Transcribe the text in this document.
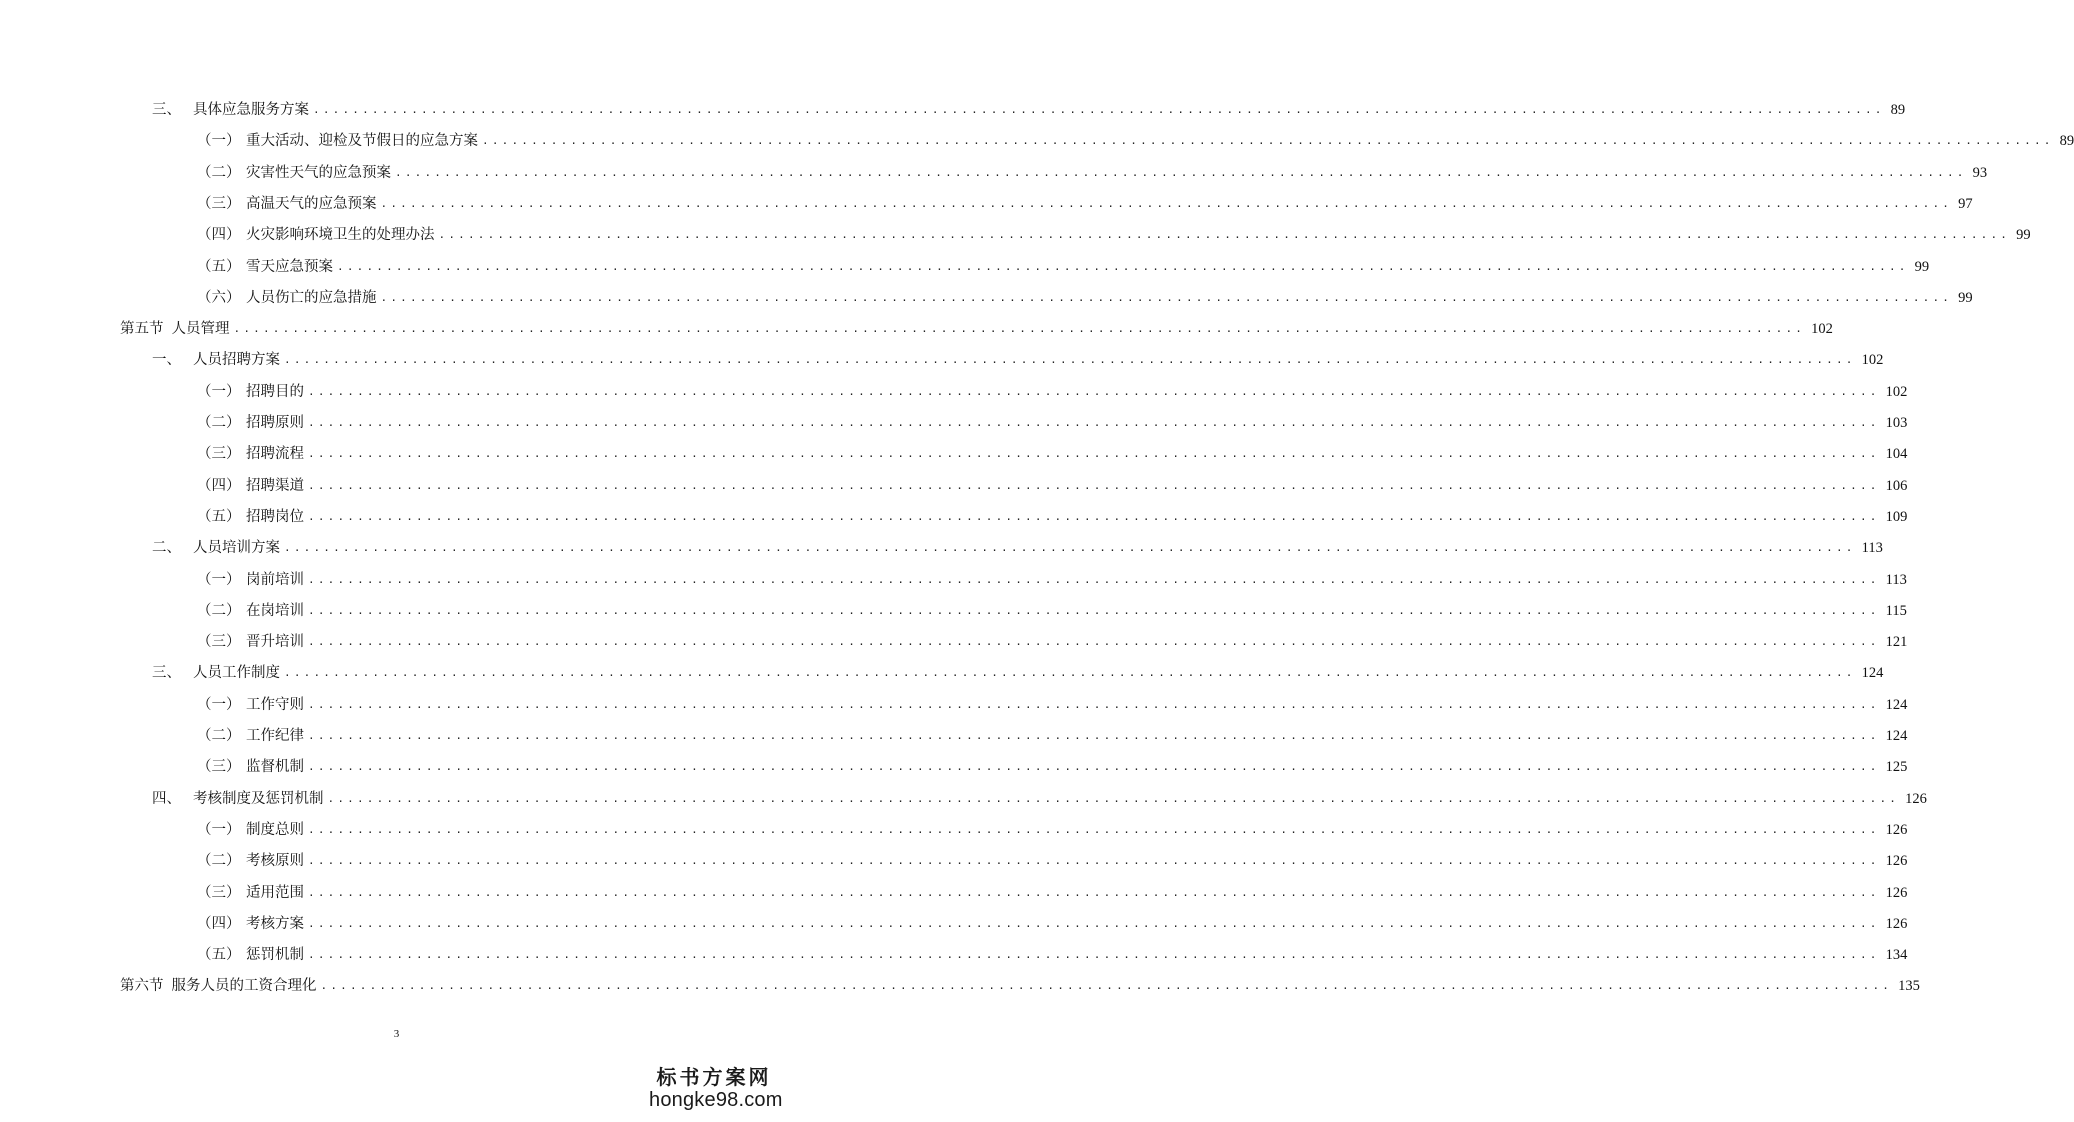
三、 具体应急服务方案 ................................................................................................................................................................ 89
（一） 重大活动、迎检及节假日的应急方案 ................................................................................................................................................................ 89
（二） 灾害性天气的应急预案 ................................................................................................................................................................ 93
（三） 高温天气的应急预案 ................................................................................................................................................................ 97
（四） 火灾影响环境卫生的处理办法 ................................................................................................................................................................ 99
（五） 雪天应急预案 ................................................................................................................................................................ 99
（六） 人员伤亡的应急措施 ................................................................................................................................................................ 99
第五节 人员管理 ................................................................................................................................................................ 102
一、 人员招聘方案 ................................................................................................................................................................ 102
（一） 招聘目的 ................................................................................................................................................................ 102
（二） 招聘原则 ................................................................................................................................................................ 103
（三） 招聘流程 ................................................................................................................................................................ 104
（四） 招聘渠道 ................................................................................................................................................................ 106
（五） 招聘岗位 ................................................................................................................................................................ 109
二、 人员培训方案 ................................................................................................................................................................ 113
（一） 岗前培训 ................................................................................................................................................................ 113
（二） 在岗培训 ................................................................................................................................................................ 115
（三） 晋升培训 ................................................................................................................................................................ 121
三、 人员工作制度 ................................................................................................................................................................ 124
（一） 工作守则 ................................................................................................................................................................ 124
（二） 工作纪律 ................................................................................................................................................................ 124
（三） 监督机制 ................................................................................................................................................................ 125
四、 考核制度及惩罚机制 ................................................................................................................................................................ 126
（一） 制度总则 ................................................................................................................................................................ 126
（二） 考核原则 ................................................................................................................................................................ 126
（三） 适用范围 ................................................................................................................................................................ 126
（四） 考核方案 ................................................................................................................................................................ 126
（五） 惩罚机制 ................................................................................................................................................................ 134
第六节 服务人员的工资合理化 ................................................................................................................................................................ 135
3
标书方案网
hongke98.com
